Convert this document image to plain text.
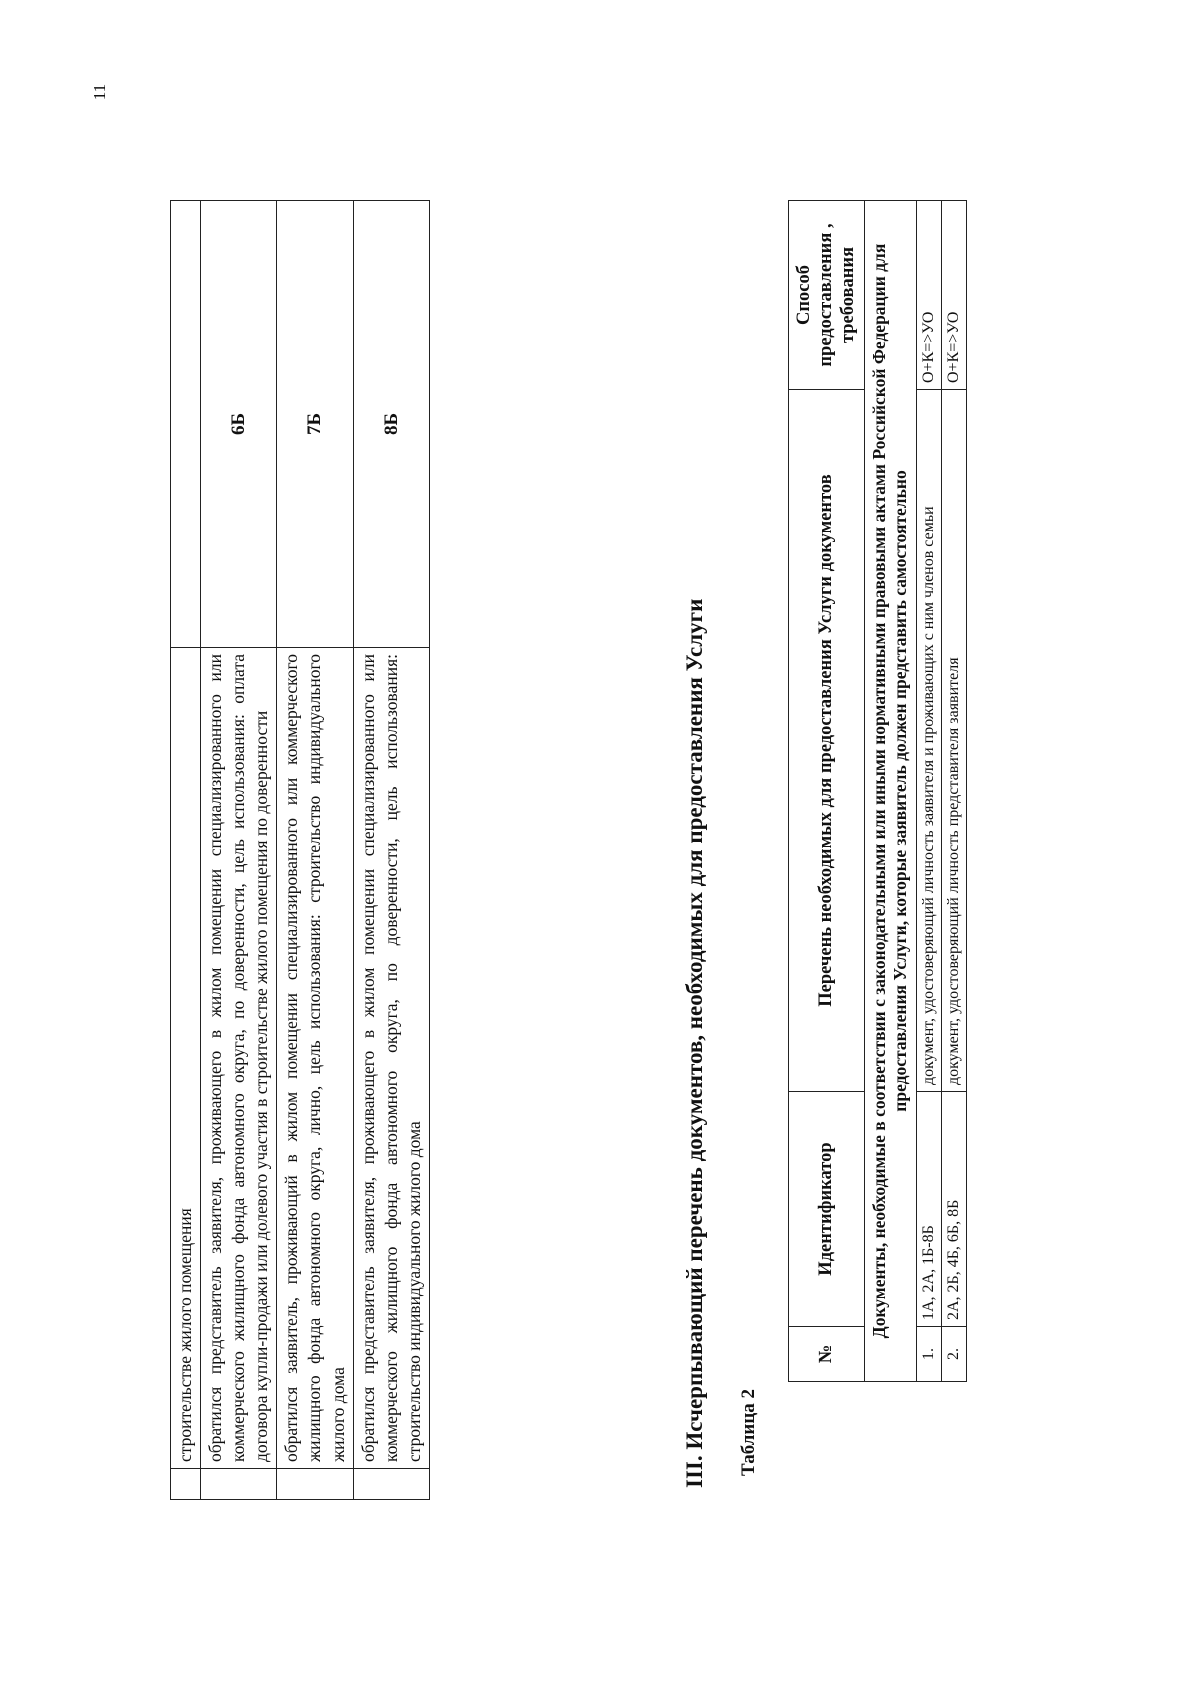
11
	строительстве жилого помещения	
	обратился представитель заявителя, проживающего в жилом помещении специализированного или коммерческого жилищного фонда автономного округа, по доверенности, цель использования: оплата договора купли-продажи или долевого участия в строительстве жилого помещения по доверенности	6Б
	обратился заявитель, проживающий в жилом помещении специализированного или коммерческого жилищного фонда автономного округа, лично, цель использования: строительство индивидуального жилого дома	7Б
	обратился представитель заявителя, проживающего в жилом помещении специализированного или коммерческого жилищного фонда автономного округа, по доверенности, цель использования: строительство индивидуального жилого дома	8Б
III. Исчерпывающий перечень документов, необходимых для предоставления Услуги Таблица 2
№	Идентификатор	Перечень необходимых для предоставления Услуги документов	Способ предоставления , требования
Документы, необходимые в соответствии с законодательными или иными нормативными правовыми актами Российской Федерации для предоставления Услуги, которые заявитель должен представить самостоятельно			
1.	1А, 2А, 1Б-8Б	документ, удостоверяющий личность заявителя и проживающих с ним членов семьи	О+К=>УО
2.	2А, 2Б, 4Б, 6Б, 8Б	документ, удостоверяющий личность представителя заявителя	О+К=>УО
